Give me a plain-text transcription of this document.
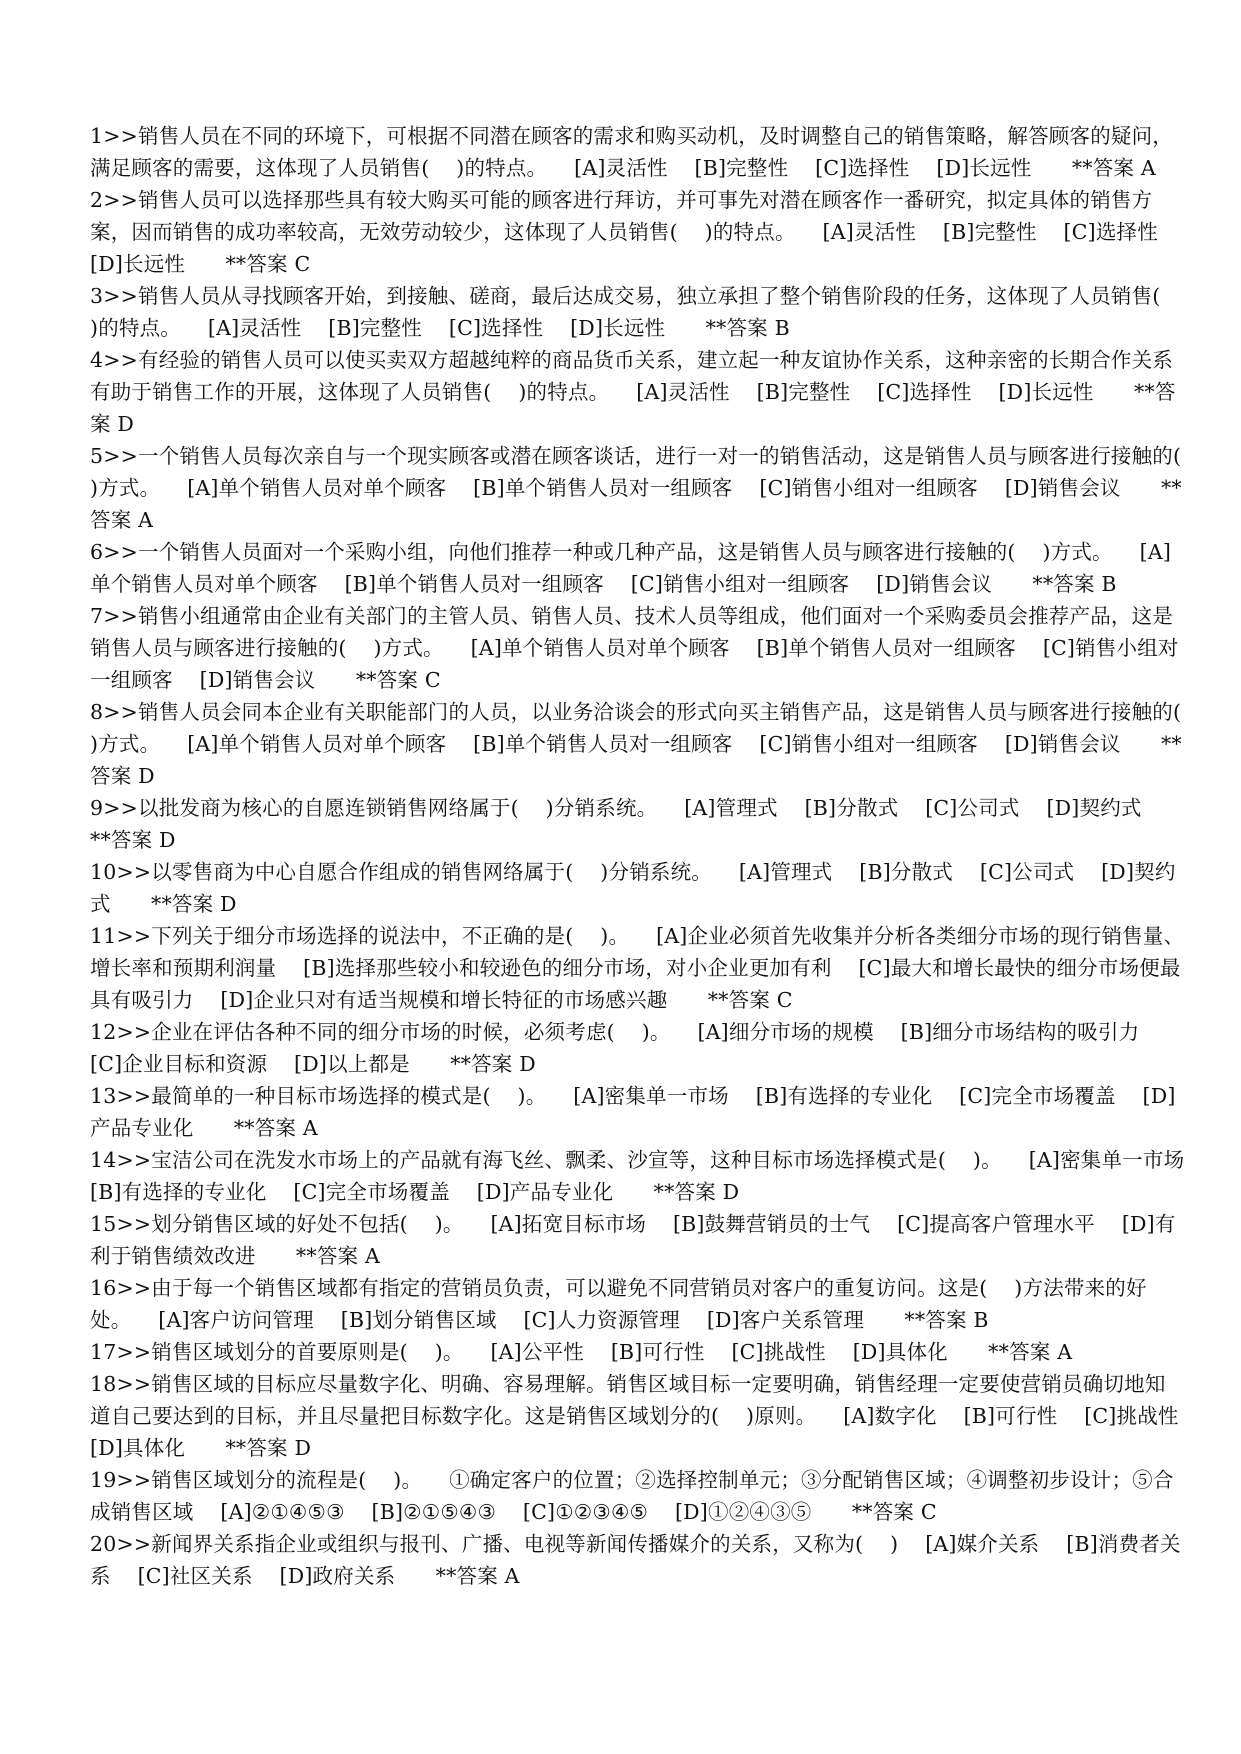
1>>销售人员在不同的环境下，可根据不同潜在顾客的需求和购买动机，及时调整自己的销售策略，解答顾客的疑问，满足顾客的需要，这体现了人员销售(    )的特点。 [A]灵活性    [B]完整性    [C]选择性    [D]长远性 **答案 A

2>>销售人员可以选择那些具有较大购买可能的顾客进行拜访，并可事先对潜在顾客作一番研究，拟定具体的销售方案，因而销售的成功率较高，无效劳动较少，这体现了人员销售(    )的特点。 [A]灵活性    [B]完整性    [C]选择性    [D]长远性 **答案 C

3>>销售人员从寻找顾客开始，到接触、磋商，最后达成交易，独立承担了整个销售阶段的任务，这体现了人员销售(    )的特点。 [A]灵活性    [B]完整性    [C]选择性    [D]长远性 **答案 B

4>>有经验的销售人员可以使买卖双方超越纯粹的商品货币关系，建立起一种友谊协作关系，这种亲密的长期合作关系有助于销售工作的开展，这体现了人员销售(    )的特点。 [A]灵活性    [B]完整性    [C]选择性    [D]长远性 **答案 D

5>>一个销售人员每次亲自与一个现实顾客或潜在顾客谈话，进行一对一的销售活动，这是销售人员与顾客进行接触的(    )方式。 [A]单个销售人员对单个顾客    [B]单个销售人员对一组顾客    [C]销售小组对一组顾客    [D]销售会议 **答案 A

6>>一个销售人员面对一个采购小组，向他们推荐一种或几种产品，这是销售人员与顾客进行接触的(    )方式。 [A]单个销售人员对单个顾客    [B]单个销售人员对一组顾客    [C]销售小组对一组顾客    [D]销售会议 **答案 B

7>>销售小组通常由企业有关部门的主管人员、销售人员、技术人员等组成，他们面对一个采购委员会推荐产品，这是销售人员与顾客进行接触的(    )方式。 [A]单个销售人员对单个顾客    [B]单个销售人员对一组顾客    [C]销售小组对一组顾客    [D]销售会议 **答案 C

8>>销售人员会同本企业有关职能部门的人员，以业务洽谈会的形式向买主销售产品，这是销售人员与顾客进行接触的(    )方式。 [A]单个销售人员对单个顾客    [B]单个销售人员对一组顾客    [C]销售小组对一组顾客    [D]销售会议 **答案 D

9>>以批发商为核心的自愿连锁销售网络属于(    )分销系统。 [A]管理式    [B]分散式    [C]公司式    [D]契约式      **答案 D

10>>以零售商为中心自愿合作组成的销售网络属于(    )分销系统。 [A]管理式    [B]分散式    [C]公司式    [D]契约式 **答案 D

11>>下列关于细分市场选择的说法中，不正确的是(    )。 [A]企业必须首先收集并分析各类细分市场的现行销售量、增长率和预期利润量    [B]选择那些较小和较逊色的细分市场，对小企业更加有利    [C]最大和增长最快的细分市场便最具有吸引力    [D]企业只对有适当规模和增长特征的市场感兴趣 **答案 C

12>>企业在评估各种不同的细分市场的时候，必须考虑(    )。 [A]细分市场的规模    [B]细分市场结构的吸引力    [C]企业目标和资源    [D]以上都是 **答案 D

13>>最简单的一种目标市场选择的模式是(    )。 [A]密集单一市场    [B]有选择的专业化    [C]完全市场覆盖    [D]产品专业化 **答案 A

14>>宝洁公司在洗发水市场上的产品就有海飞丝、飘柔、沙宣等，这种目标市场选择模式是(    )。 [A]密集单一市场    [B]有选择的专业化    [C]完全市场覆盖    [D]产品专业化 **答案 D

15>>划分销售区域的好处不包括(    )。 [A]拓宽目标市场    [B]鼓舞营销员的士气    [C]提高客户管理水平    [D]有利于销售绩效改进 **答案 A

16>>由于每一个销售区域都有指定的营销员负责，可以避免不同营销员对客户的重复访问。这是(    )方法带来的好处。 [A]客户访问管理    [B]划分销售区域    [C]人力资源管理    [D]客户关系管理 **答案 B

17>>销售区域划分的首要原则是(    )。 [A]公平性    [B]可行性    [C]挑战性    [D]具体化 **答案 A

18>>销售区域的目标应尽量数字化、明确、容易理解。销售区域目标一定要明确，销售经理一定要使营销员确切地知道自己要达到的目标，并且尽量把目标数字化。这是销售区域划分的(    )原则。 [A]数字化    [B]可行性    [C]挑战性    [D]具体化 **答案 D

19>>销售区域划分的流程是(    )。 ①确定客户的位置；②选择控制单元；③分配销售区域；④调整初步设计；⑤合成销售区域    [A]②①④⑤③    [B]②①⑤④③    [C]①②③④⑤    [D]①②④③⑤ **答案 C

20>>新闻界关系指企业或组织与报刊、广播、电视等新闻传播媒介的关系，又称为(    ) [A]媒介关系    [B]消费者关系    [C]社区关系    [D]政府关系 **答案 A
